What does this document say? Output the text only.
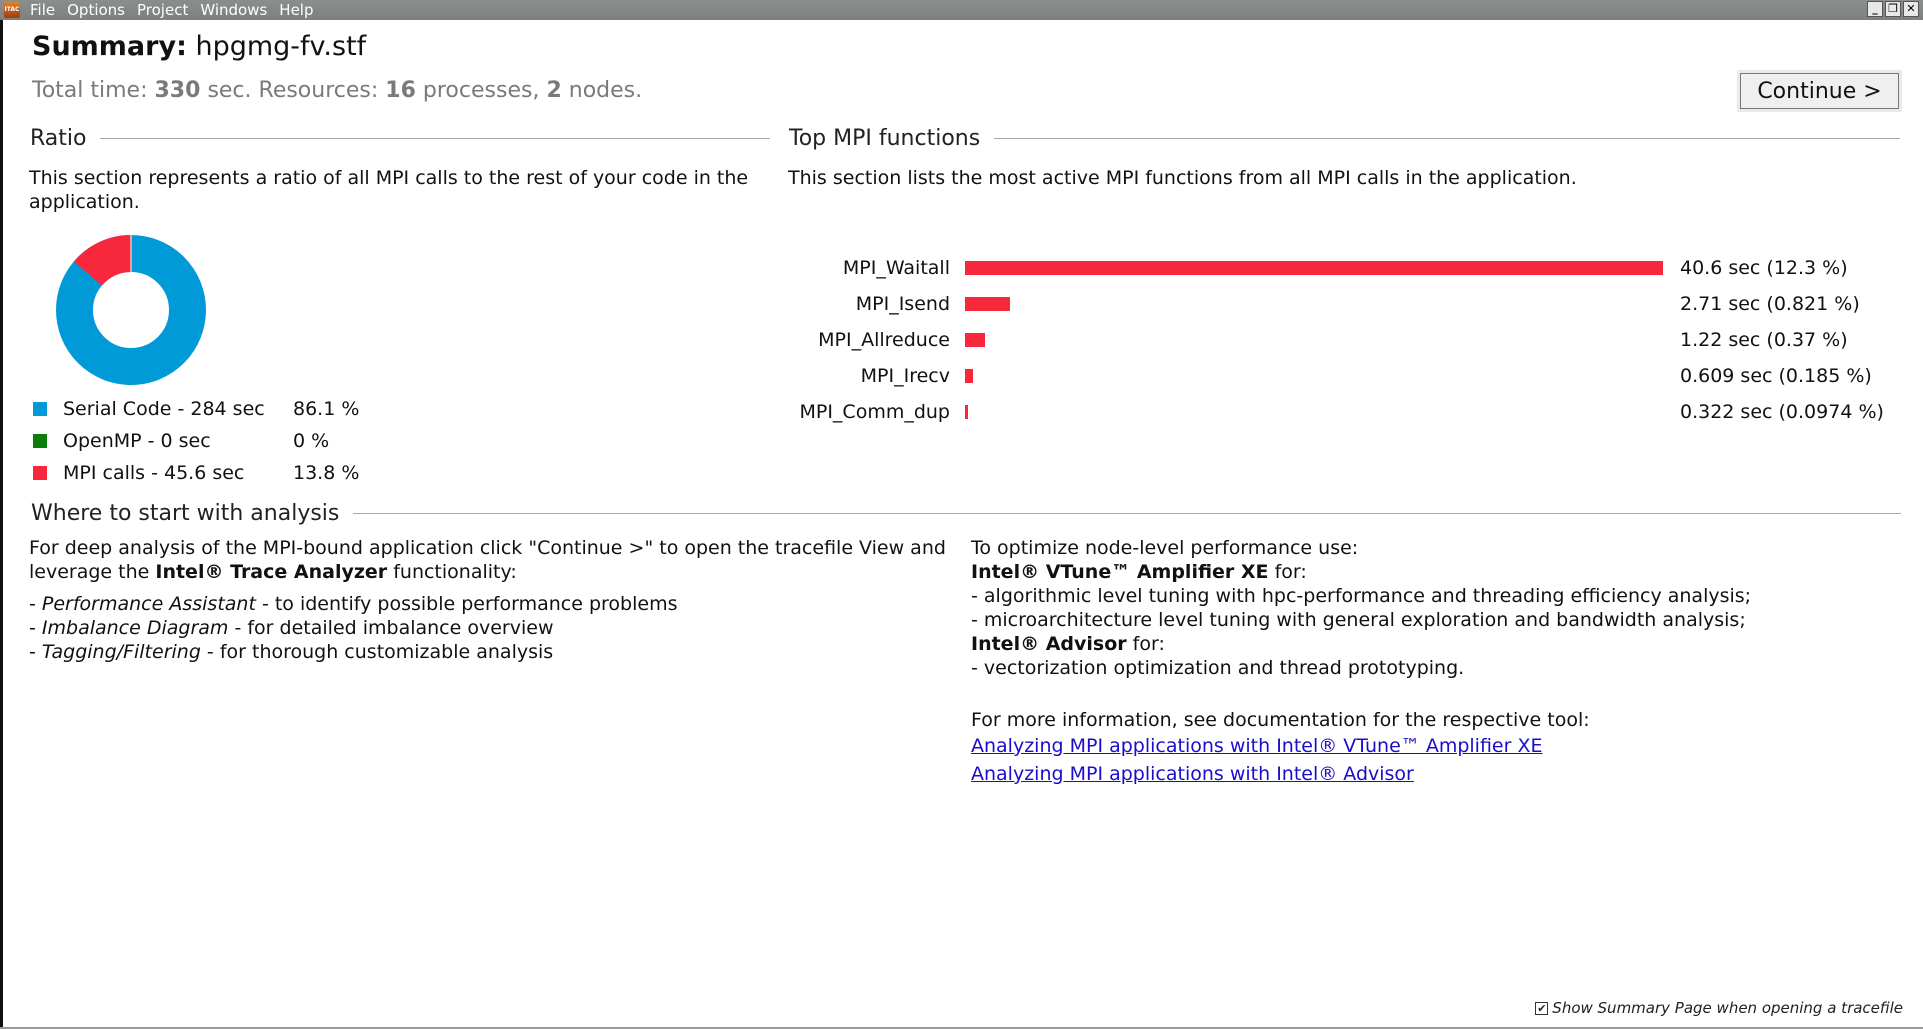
ITAC File Options Project Windows Help	_ ❐ ✕
Summary: hpgmg-fv.stf
Total time: 330 sec. Resources: 16 processes, 2 nodes.	Continue >
Ratio
This section represents a ratio of all MPI calls to the rest of your code in the application.
Serial Code - 284 sec	86.1 %
OpenMP - 0 sec	0 %
MPI calls - 45.6 sec	13.8 %
Top MPI functions
This section lists the most active MPI functions from all MPI calls in the application.
MPI_Waitall	40.6 sec (12.3 %)
MPI_Isend	2.71 sec (0.821 %)
MPI_Allreduce	1.22 sec (0.37 %)
MPI_Irecv	0.609 sec (0.185 %)
MPI_Comm_dup	0.322 sec (0.0974 %)
Where to start with analysis
For deep analysis of the MPI-bound application click "Continue >" to open the tracefile View and leverage the Intel® Trace Analyzer functionality:
- Performance Assistant - to identify possible performance problems
- Imbalance Diagram - for detailed imbalance overview
- Tagging/Filtering - for thorough customizable analysis
To optimize node-level performance use:
Intel® VTune™ Amplifier XE for:
- algorithmic level tuning with hpc-performance and threading efficiency analysis;
- microarchitecture level tuning with general exploration and bandwidth analysis;
Intel® Advisor for:
- vectorization optimization and thread prototyping.
For more information, see documentation for the respective tool:
Analyzing MPI applications with Intel® VTune™ Amplifier XE
Analyzing MPI applications with Intel® Advisor
✔ Show Summary Page when opening a tracefile
